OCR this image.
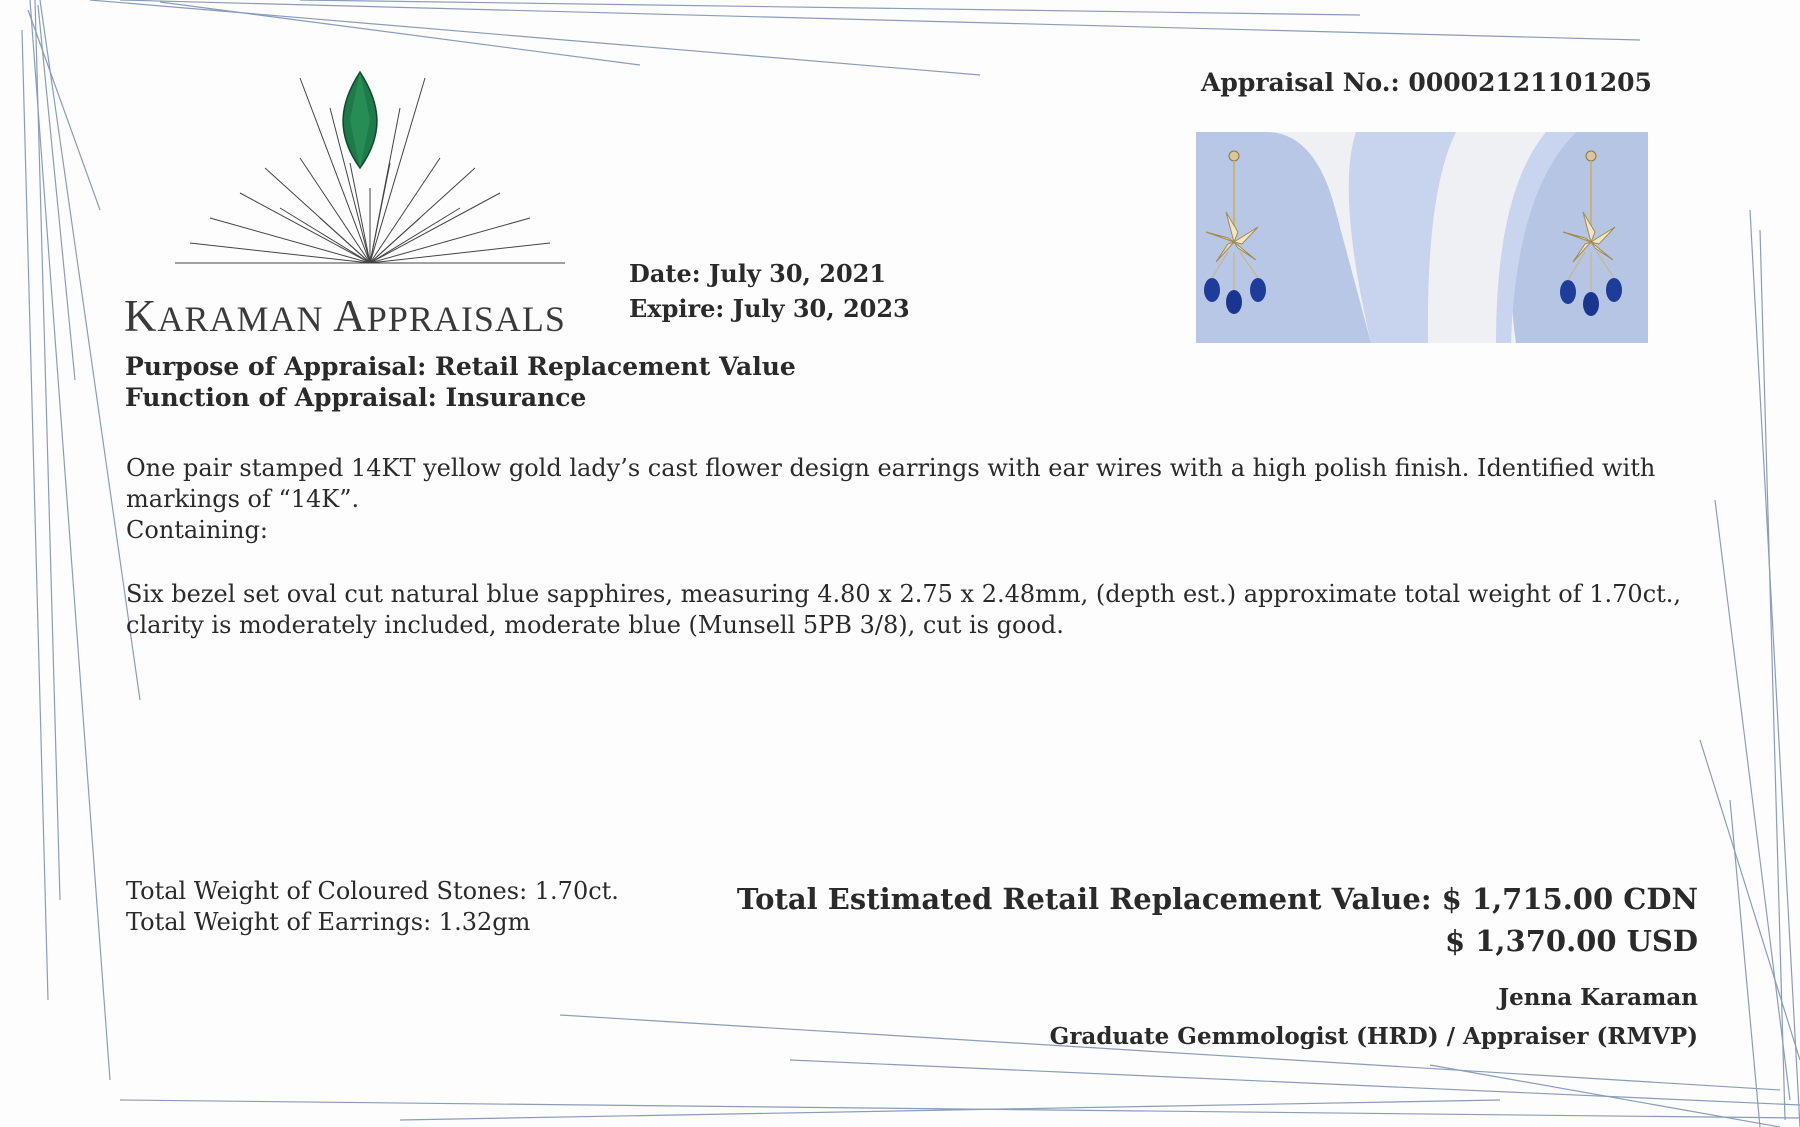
KARAMAN APPRAISALS
Appraisal No.: 00002121101205
Date: July 30, 2021
Expire: July 30, 2023
Purpose of Appraisal: Retail Replacement Value
Function of Appraisal: Insurance

One pair stamped 14KT yellow gold lady’s cast flower design earrings with ear wires with a high polish finish. Identified with markings of “14K”.

Containing:

Six bezel set oval cut natural blue sapphires, measuring 4.80 x 2.75 x 2.48mm, (depth est.) approximate total weight of 1.70ct., clarity is moderately included, moderate blue (Munsell 5PB 3/8), cut is good.

Total Weight of Coloured Stones: 1.70ct.
Total Weight of Earrings: 1.32gm
Total Estimated Retail Replacement Value: $ 1,715.00 CDN
$ 1,370.00 USD
Jenna Karaman
Graduate Gemmologist (HRD) / Appraiser (RMVP)
